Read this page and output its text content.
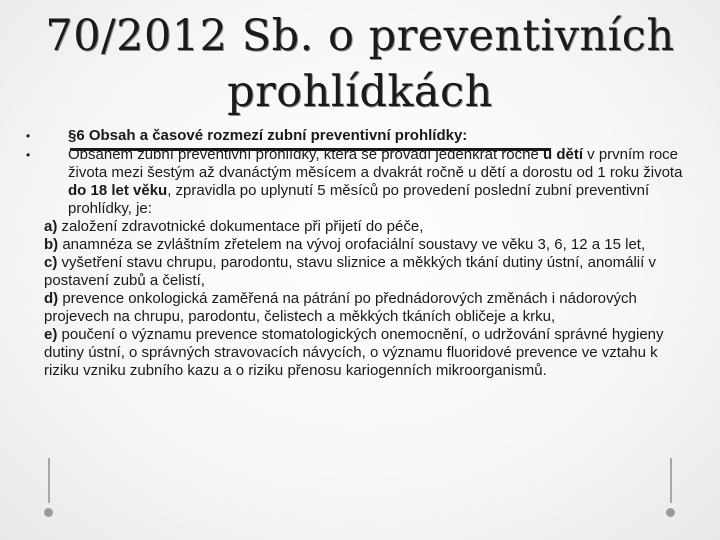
70/2012 Sb. o preventivních
prohlídkách

•	§6 Obsah a časové rozmezí zubní preventivní prohlídky:

•	Obsahem zubní preventivní prohlídky, která se provádí jedenkrát ročně u dětí v prvním roce života mezi šestým až dvanáctým měsícem a dvakrát ročně u dětí a dorostu od 1 roku života do 18 let věku, zpravidla po uplynutí 5 měsíců po provedení poslední zubní preventivní prohlídky, je:

a) založení zdravotnické dokumentace při přijetí do péče,

b) anamnéza se zvláštním zřetelem na vývoj orofaciální soustavy ve věku 3, 6, 12 a 15 let,

c) vyšetření stavu chrupu, parodontu, stavu sliznice a měkkých tkání dutiny ústní, anomálií v postavení zubů a čelistí,

d) prevence onkologická zaměřená na pátrání po přednádorových změnách i nádorových projevech na chrupu, parodontu, čelistech a měkkých tkáních obličeje a krku,

e) poučení o významu prevence stomatologických onemocnění, o udržování správné hygieny dutiny ústní, o správných stravovacích návycích, o významu fluoridové prevence ve vztahu k riziku vzniku zubního kazu a o riziku přenosu kariogenních mikroorganismů.
